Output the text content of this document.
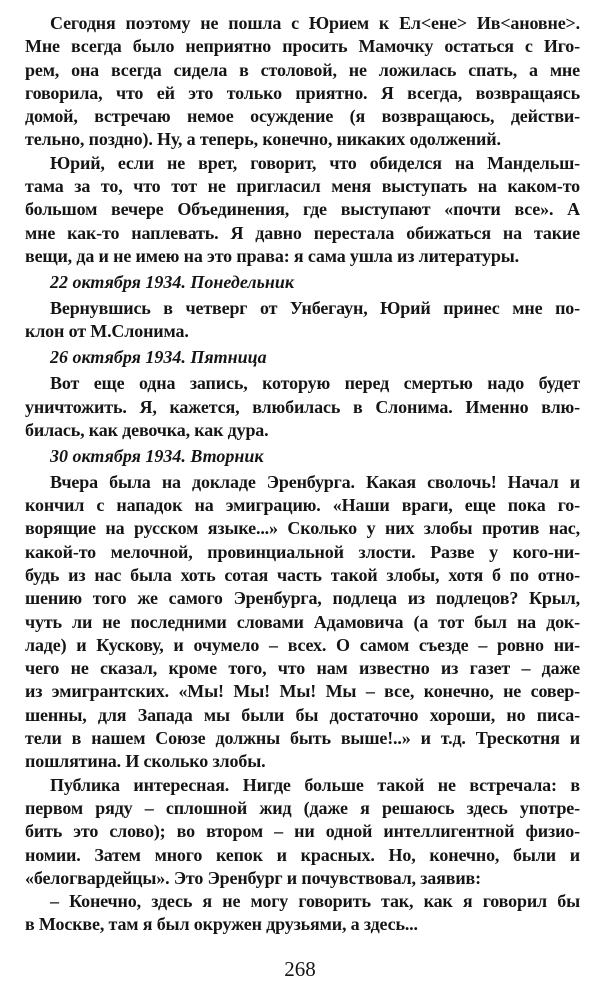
Сегодня поэтому не пошла с Юрием к Ел<ене> Ив<ановне>.
Мне всегда было неприятно просить Мамочку остаться с Иго-
рем, она всегда сидела в столовой, не ложилась спать, а мне
говорила, что ей это только приятно. Я всегда, возвращаясь
домой, встречаю немое осуждение (я возвращаюсь, действи-
тельно, поздно). Ну, а теперь, конечно, никаких одолжений.
Юрий, если не врет, говорит, что обиделся на Мандельш-
тама за то, что тот не пригласил меня выступать на каком-то
большом вечере Объединения, где выступают «почти все». А
мне как-то наплевать. Я давно перестала обижаться на такие
вещи, да и не имею на это права: я сама ушла из литературы.
22 октября 1934. Понедельник
Вернувшись в четверг от Унбегаун, Юрий принес мне по-
клон от М.Слонима.
26 октября 1934. Пятница
Вот еще одна запись, которую перед смертью надо будет
уничтожить. Я, кажется, влюбилась в Слонима. Именно влю-
билась, как девочка, как дура.
30 октября 1934. Вторник
Вчера была на докладе Эренбурга. Какая сволочь! Начал и
кончил с нападок на эмиграцию. «Наши враги, еще пока го-
ворящие на русском языке...» Сколько у них злобы против нас,
какой-то мелочной, провинциальной злости. Разве у кого-ни-
будь из нас была хоть сотая часть такой злобы, хотя б по отно-
шению того же самого Эренбурга, подлеца из подлецов? Крыл,
чуть ли не последними словами Адамовича (а тот был на док-
ладе) и Кускову, и очумело – всех. О самом съезде – ровно ни-
чего не сказал, кроме того, что нам известно из газет – даже
из эмигрантских. «Мы! Мы! Мы! Мы – все, конечно, не совер-
шенны, для Запада мы были бы достаточно хороши, но писа-
тели в нашем Союзе должны быть выше!..» и т.д. Трескотня и
пошлятина. И сколько злобы.
Публика интересная. Нигде больше такой не встречала: в
первом ряду – сплошной жид (даже я решаюсь здесь употре-
бить это слово); во втором – ни одной интеллигентной физио-
номии. Затем много кепок и красных. Но, конечно, были и
«белогвардейцы». Это Эренбург и почувствовал, заявив:
– Конечно, здесь я не могу говорить так, как я говорил бы
в Москве, там я был окружен друзьями, а здесь...
268
